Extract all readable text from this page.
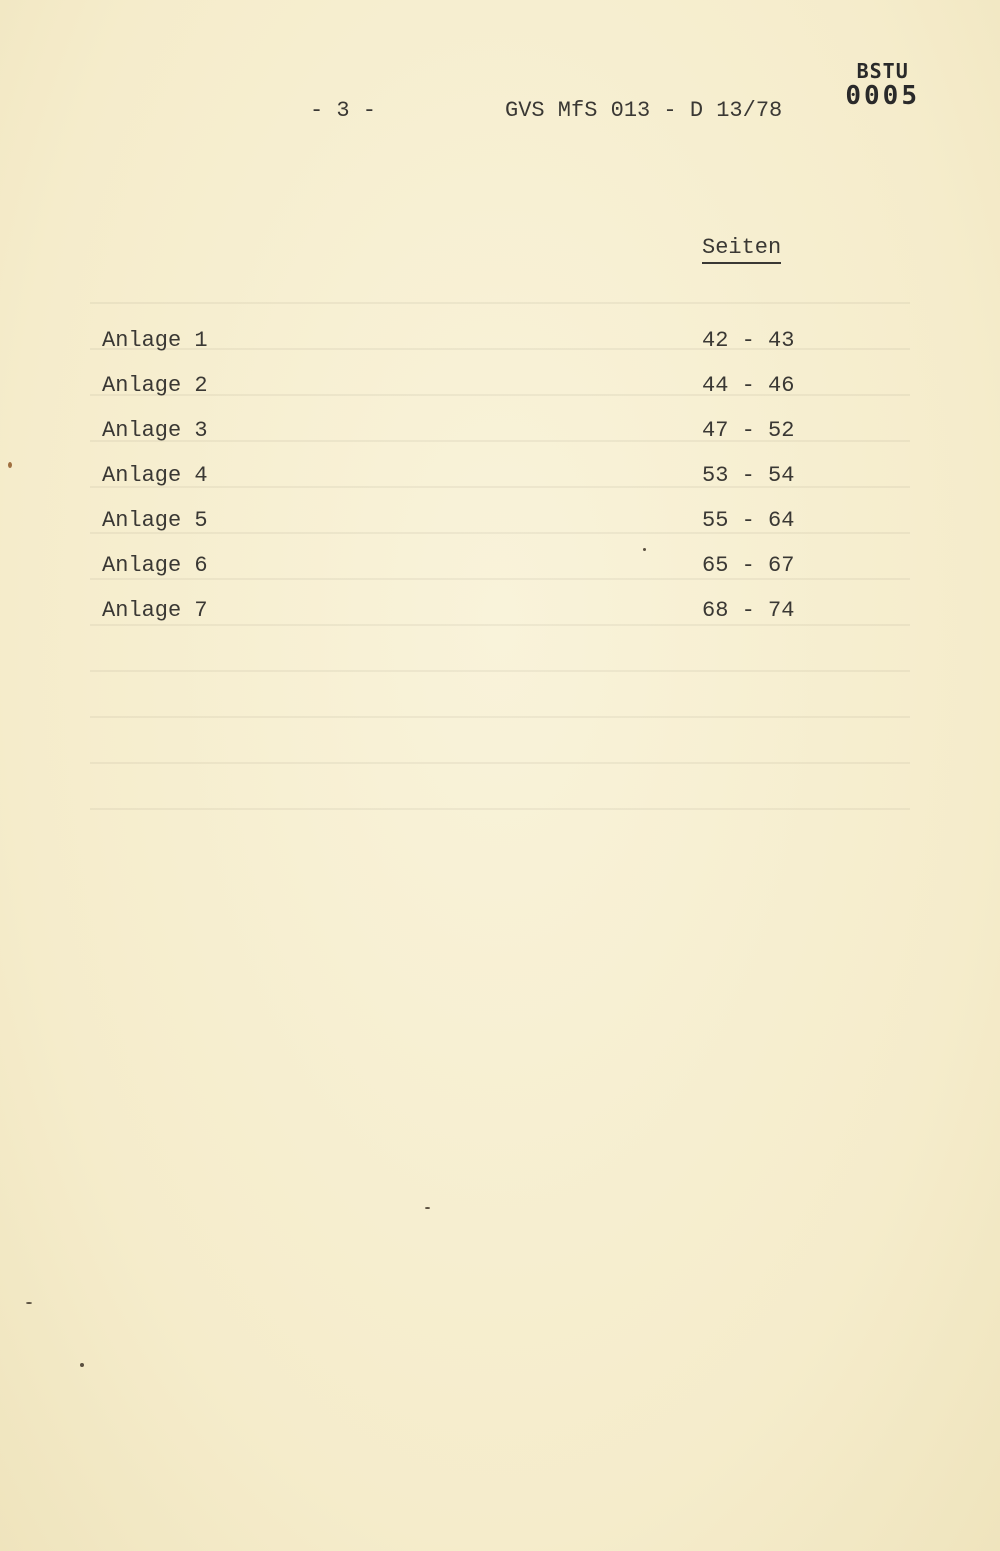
BSTU
0005
- 3 -	GVS MfS 013 - D 13/78
Seiten
Anlage 1	42 - 43
Anlage 2	44 - 46
Anlage 3	47 - 52
Anlage 4	53 - 54
Anlage 5	55 - 64
Anlage 6	65 - 67
Anlage 7	68 - 74
